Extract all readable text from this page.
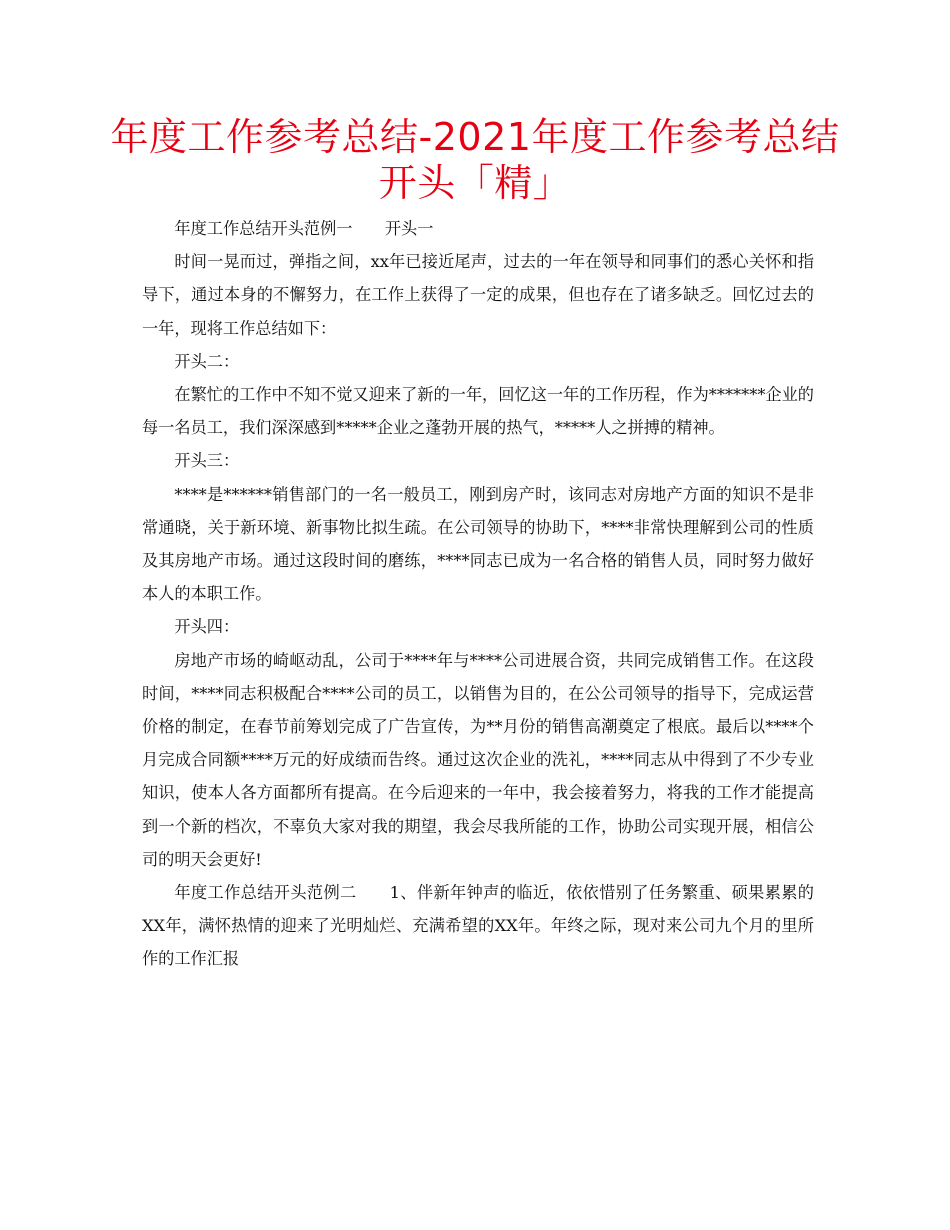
年度工作参考总结-2021年度工作参考总结开头「精」

年度工作总结开头范例一　　开头一

时间一晃而过，弹指之间，xx年已接近尾声，过去的一年在领导和同事们的悉心关怀和指导下，通过本身的不懈努力，在工作上获得了一定的成果，但也存在了诸多缺乏。回忆过去的一年，现将工作总结如下：

开头二：

在繁忙的工作中不知不觉又迎来了新的一年，回忆这一年的工作历程，作为*******企业的每一名员工，我们深深感到*****企业之蓬勃开展的热气，*****人之拼搏的精神。

开头三：

****是******销售部门的一名一般员工，刚到房产时，该同志对房地产方面的知识不是非常通晓，关于新环境、新事物比拟生疏。在公司领导的协助下，****非常快理解到公司的性质及其房地产市场。通过这段时间的磨练，****同志已成为一名合格的销售人员，同时努力做好本人的本职工作。

开头四：

房地产市场的崎岖动乱，公司于****年与****公司进展合资，共同完成销售工作。在这段时间，****同志积极配合****公司的员工，以销售为目的，在公公司领导的指导下，完成运营价格的制定，在春节前筹划完成了广告宣传，为**月份的销售高潮奠定了根底。最后以****个月完成合同额****万元的好成绩而告终。通过这次企业的洗礼，****同志从中得到了不少专业知识，使本人各方面都所有提高。在今后迎来的一年中，我会接着努力，将我的工作才能提高到一个新的档次，不辜负大家对我的期望，我会尽我所能的工作，协助公司实现开展，相信公司的明天会更好!

年度工作总结开头范例二　　1、伴新年钟声的临近，依依惜别了任务繁重、硕果累累的XX年，满怀热情的迎来了光明灿烂、充满希望的XX年。年终之际，现对来公司九个月的里所作的工作汇报
